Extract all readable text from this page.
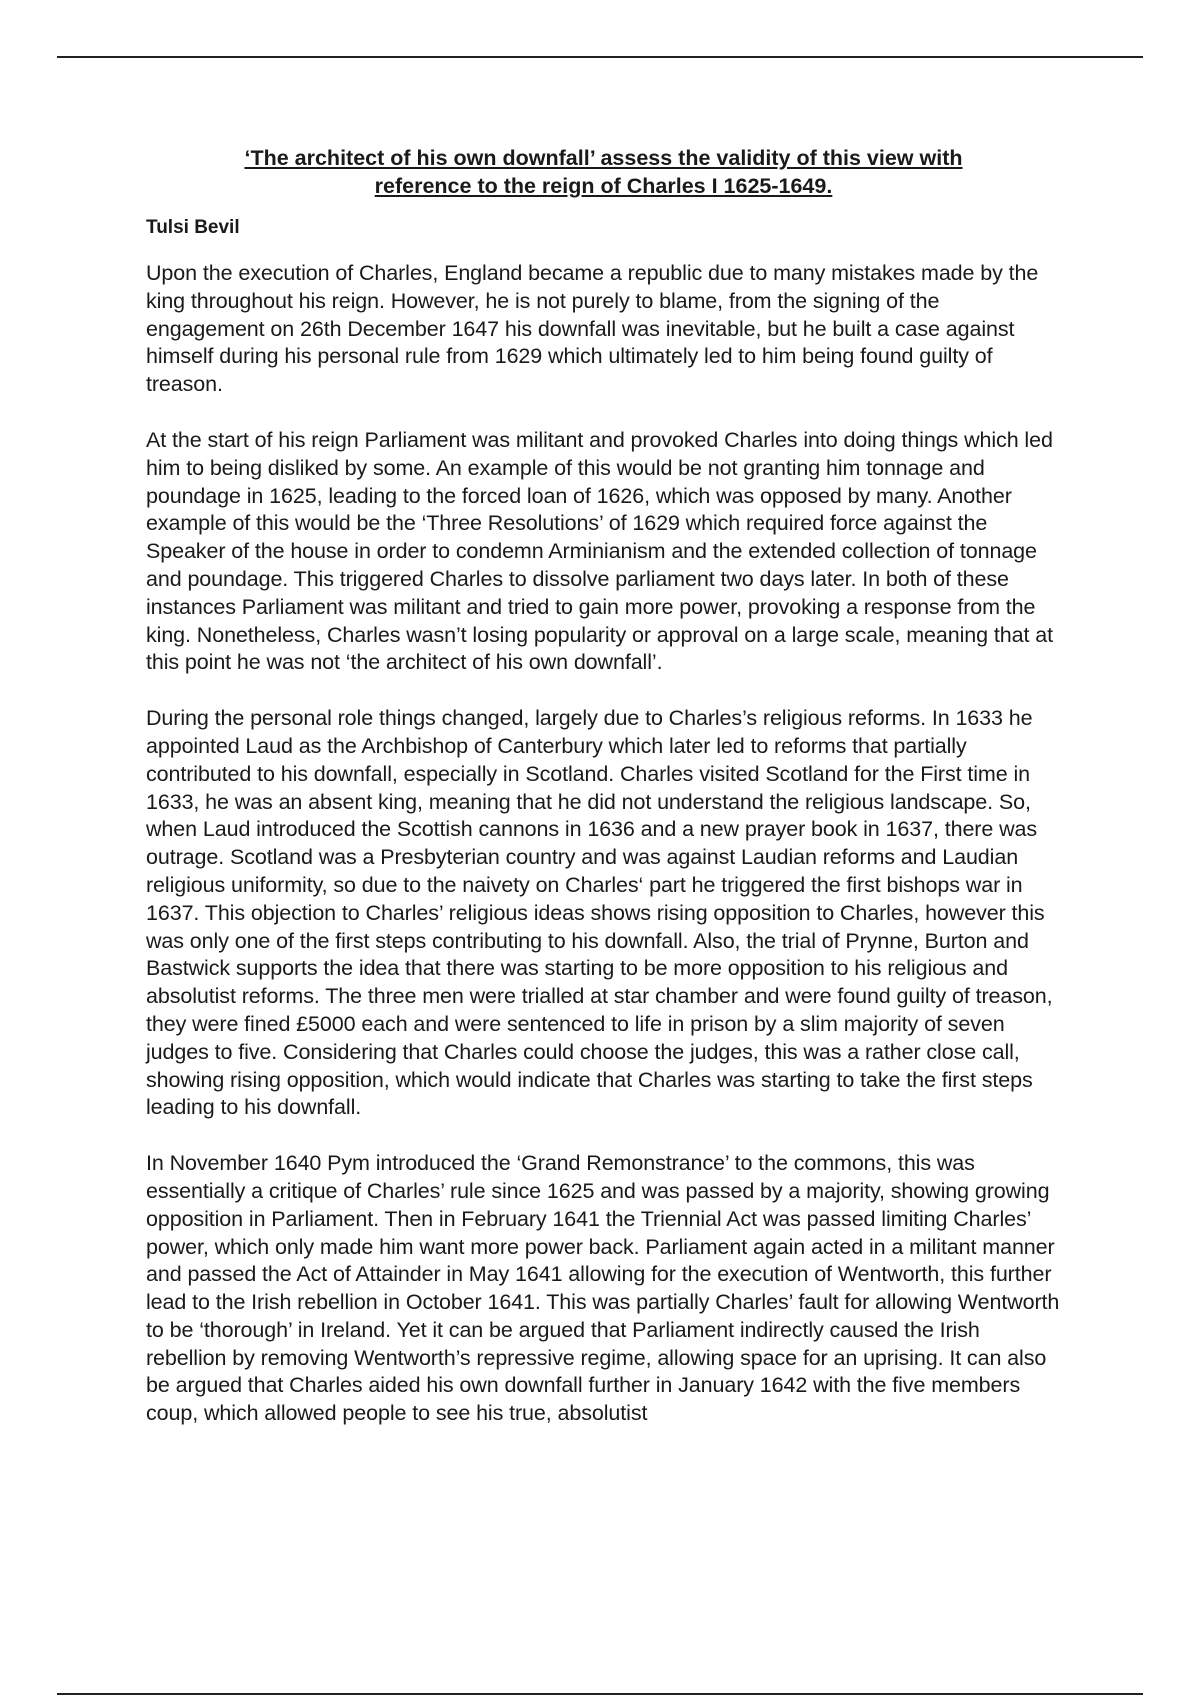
‘The architect of his own downfall’ assess the validity of this view with
reference to the reign of Charles I 1625-1649.
Tulsi Bevil

Upon the execution of Charles, England became a republic due to many mistakes made by the king throughout his reign. However, he is not purely to blame, from the signing of the engagement on 26th December 1647 his downfall was inevitable, but he built a case against himself during his personal rule from 1629 which ultimately led to him being found guilty of treason.

At the start of his reign Parliament was militant and provoked Charles into doing things which led him to being disliked by some. An example of this would be not granting him tonnage and poundage in 1625, leading to the forced loan of 1626, which was opposed by many. Another example of this would be the ‘Three Resolutions’ of 1629 which required force against the Speaker of the house in order to condemn Arminianism and the extended collection of tonnage and poundage. This triggered Charles to dissolve parliament two days later. In both of these instances Parliament was militant and tried to gain more power, provoking a response from the king. Nonetheless, Charles wasn’t losing popularity or approval on a large scale, meaning that at this point he was not ‘the architect of his own downfall’.

During the personal role things changed, largely due to Charles’s religious reforms. In 1633 he appointed Laud as the Archbishop of Canterbury which later led to reforms that partially contributed to his downfall, especially in Scotland. Charles visited Scotland for the First time in 1633, he was an absent king, meaning that he did not understand the religious landscape. So, when Laud introduced the Scottish cannons in 1636 and a new prayer book in 1637, there was outrage. Scotland was a Presbyterian country and was against Laudian reforms and Laudian religious uniformity, so due to the naivety on Charles‘ part he triggered the first bishops war in 1637. This objection to Charles’ religious ideas shows rising opposition to Charles, however this was only one of the first steps contributing to his downfall. Also, the trial of Prynne, Burton and Bastwick supports the idea that there was starting to be more opposition to his religious and absolutist reforms. The three men were trialled at star chamber and were found guilty of treason, they were fined £5000 each and were sentenced to life in prison by a slim majority of seven judges to five. Considering that Charles could choose the judges, this was a rather close call, showing rising opposition, which would indicate that Charles was starting to take the first steps leading to his downfall.

In November 1640 Pym introduced the ‘Grand Remonstrance’ to the commons, this was essentially a critique of Charles’ rule since 1625 and was passed by a majority, showing growing opposition in Parliament. Then in February 1641 the Triennial Act was passed limiting Charles’ power, which only made him want more power back. Parliament again acted in a militant manner and passed the Act of Attainder in May 1641 allowing for the execution of Wentworth, this further lead to the Irish rebellion in October 1641. This was partially Charles’ fault for allowing Wentworth to be ‘thorough’ in Ireland. Yet it can be argued that Parliament indirectly caused the Irish rebellion by removing Wentworth’s repressive regime, allowing space for an uprising. It can also be argued that Charles aided his own downfall further in January 1642 with the five members coup, which allowed people to see his true, absolutist
